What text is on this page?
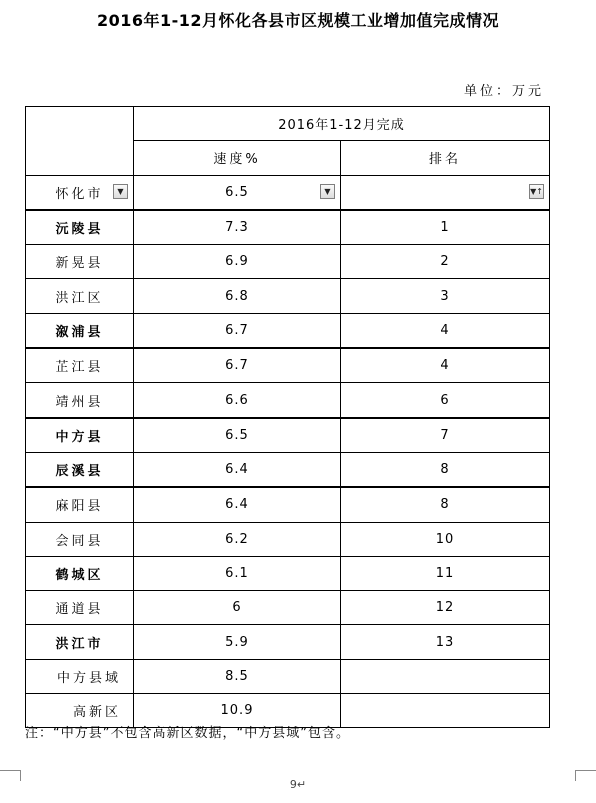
2016年1-12月怀化各县市区规模工业增加值完成情况
单位：万元
	2016年1-12月完成	
	速度%	排名
怀化市 ▼	6.5 ▼	▼↑

沅陵县	7.3	1
新晃县	6.9	2
洪江区	6.8	3
溆浦县	6.7	4
芷江县	6.7	4
靖州县	6.6	6
中方县	6.5	7
辰溪县	6.4	8
麻阳县	6.4	8
会同县	6.2	10
鹤城区	6.1	11
通道县	6	12
洪江市	5.9	13
中方县域	8.5	
高新区	10.9	
注：“中方县”不包含高新区数据，“中方县域”包含。
9↵
